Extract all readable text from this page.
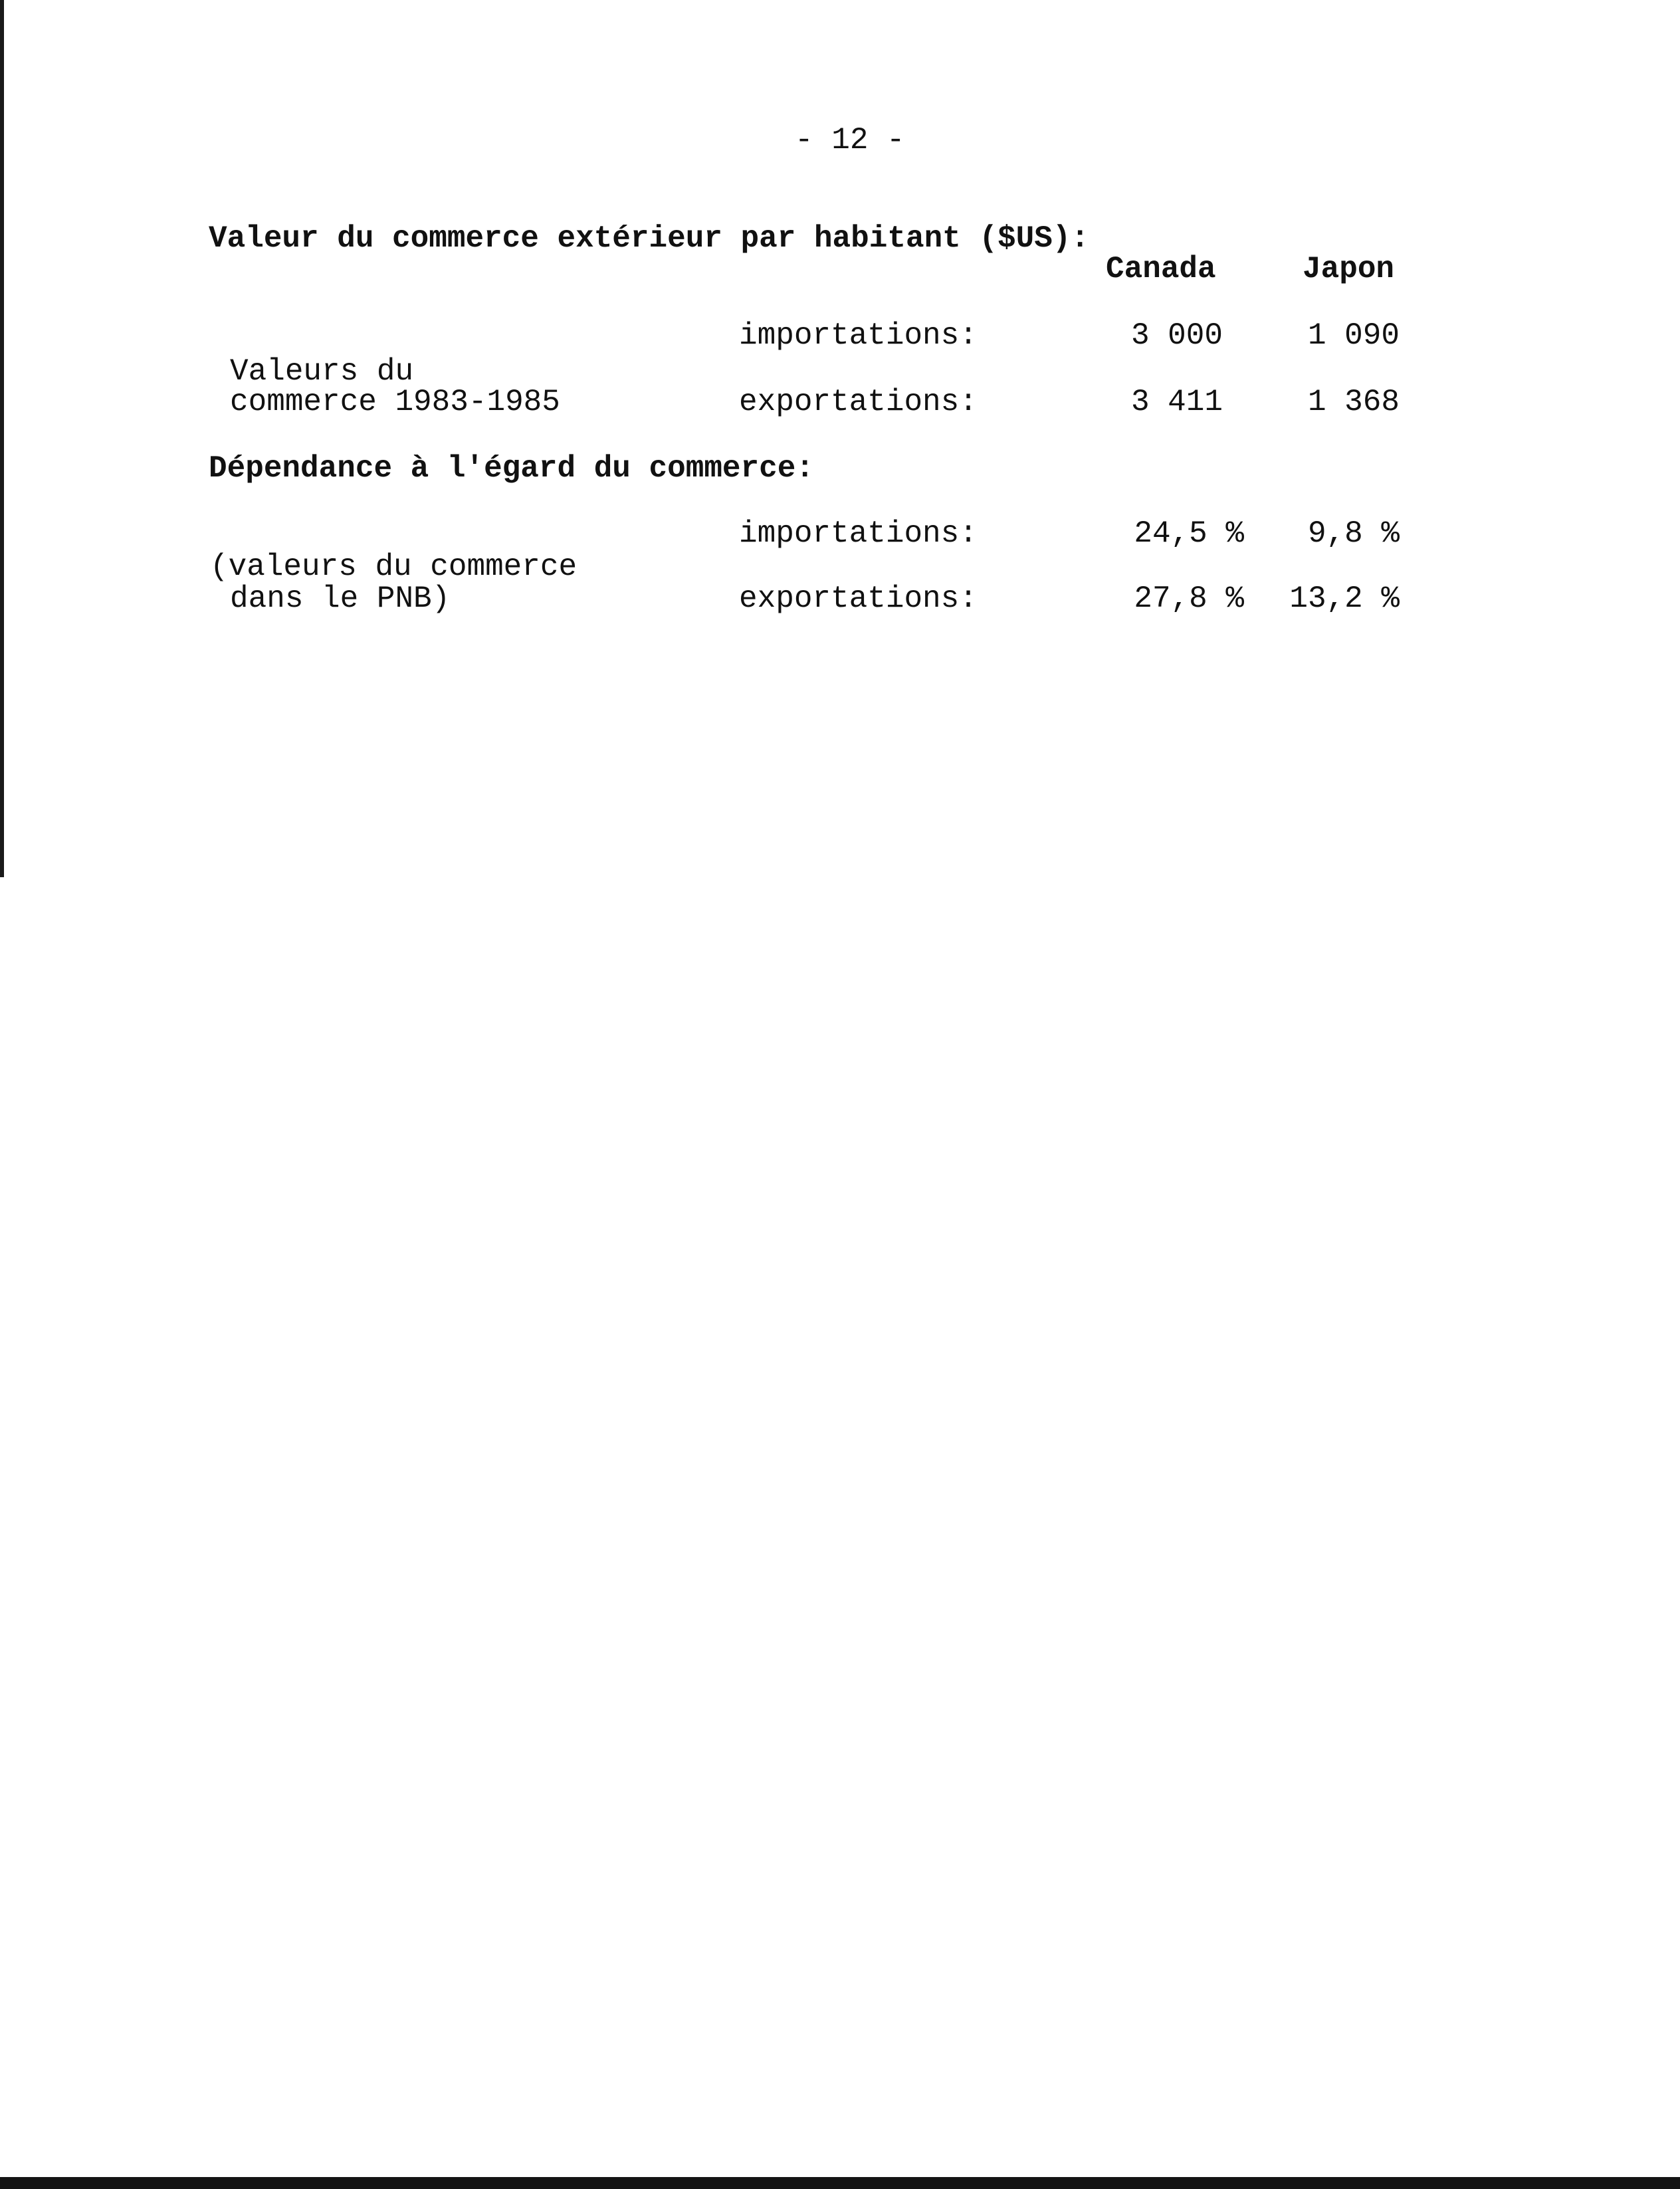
- 12 -

Valeur du commerce extérieur par habitant ($US):

Canada	Japon

importations:	3 000	1 090

Valeurs du

commerce 1983-1985	exportations:	3 411	1 368

Dépendance à l'égard du commerce:

importations:	24,5 %	9,8 %

(valeurs du commerce

dans le PNB)	exportations:	27,8 %	13,2 %
